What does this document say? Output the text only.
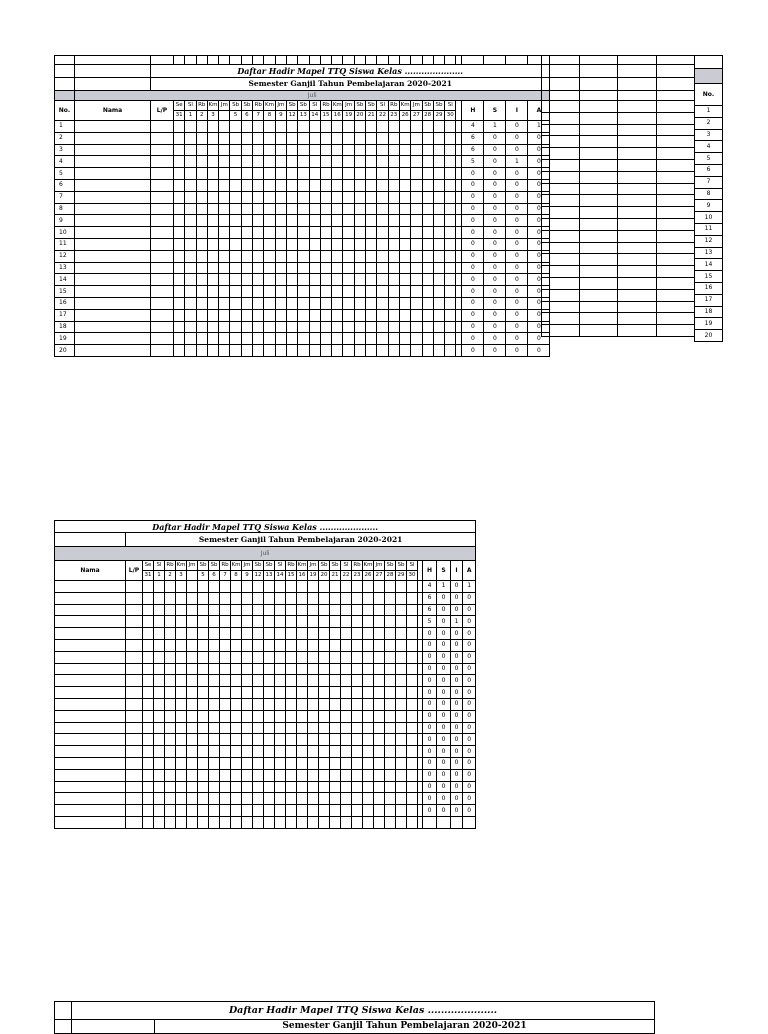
		Daftar Hadir Mapel TTQ Siswa Kelas .....................																														
		Semester Ganjil Tahun Pembelajaran 2020-2021																														
	Juli																															
No.	Nama	L/P	Se	Sl	Rb	Km	Jm	Sb	Sb	Rb	Km	Jm	Sb	Sb	Sl	Rb	Km	Jm	Sb	Sb	Sl	Rb	Km	Jm	Sb	Sb	Sl		H	S	I	A
			31	1	2	3		5	6	7	8	9	12	13	14	15	16	19	20	21	22	23	26	27	28	29	30					
1																													4	1	0	1
2																													6	0	0	0
3																													6	0	0	0
4																													5	0	1	0
5																													0	0	0	0
6																													0	0	0	0
7																													0	0	0	0
8																													0	0	0	0
9																													0	0	0	0
10																													0	0	0	0
11																													0	0	0	0
12																													0	0	0	0
13																													0	0	0	0
14																													0	0	0	0
15																													0	0	0	0
16																													0	0	0	0
17																													0	0	0	0
18																													0	0	0	0
19																													0	0	0	0
20																													0	0	0	0

No.
1
2
3
4
5
6
7
8
9
10
11
12
13
14
15
16
17
18
19
20

Daftar Hadir Mapel TTQ Siswa Kelas .....................																															
	Semester Ganjil Tahun Pembelajaran 2020-2021																														
Juli																															
Nama	L/P	Se	Sl	Rb	Km	Jm	Sb	Sb	Rb	Km	Jm	Sb	Sb	Sl	Rb	Km	Jm	Sb	Sb	Sl	Rb	Km	Jm	Sb	Sb	Sl		H	S	I	A
		31	1	2	3		5	6	7	8	9	12	13	14	15	16	19	20	21	22	23	26	27	28	29	30					
																												4	1	0	1
																												6	0	0	0
																												6	0	0	0
																												5	0	1	0
																												0	0	0	0
																												0	0	0	0
																												0	0	0	0
																												0	0	0	0
																												0	0	0	0
																												0	0	0	0
																												0	0	0	0
																												0	0	0	0
																												0	0	0	0
																												0	0	0	0
																												0	0	0	0
																												0	0	0	0
																												0	0	0	0
																												0	0	0	0
																												0	0	0	0
																												0	0	0	0

	Daftar Hadir Mapel TTQ Siswa Kelas .....................	
		Semester Ganjil Tahun Pembelajaran 2020-2021
